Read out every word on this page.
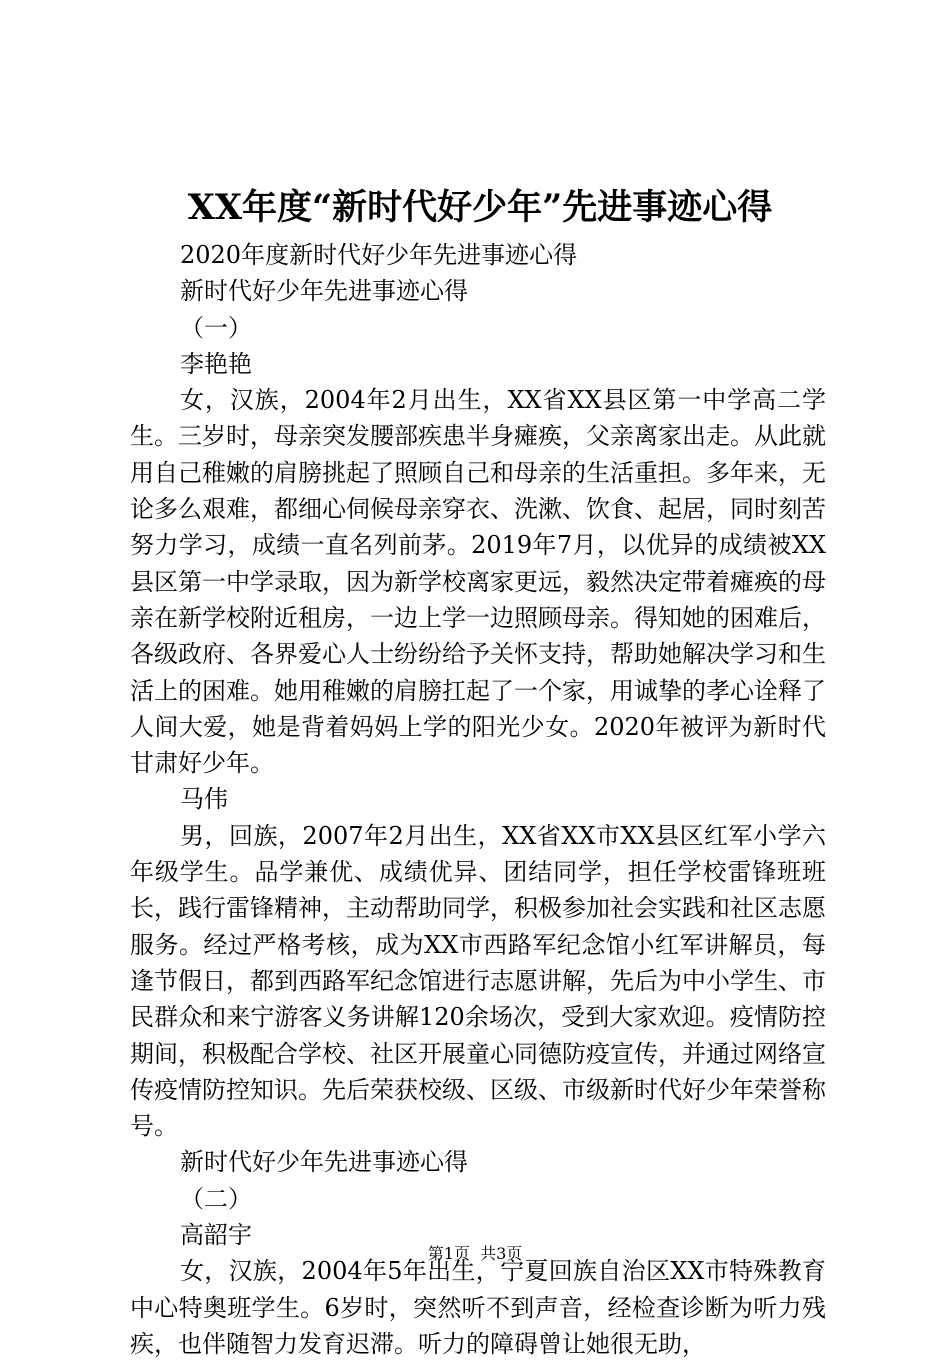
XX年度“新时代好少年”先进事迹心得
2020年度新时代好少年先进事迹心得
新时代好少年先进事迹心得
（一）
李艳艳
女，汉族，2004年2月出生，XX省XX县区第一中学高二学生。三岁时，母亲突发腰部疾患半身瘫痪，父亲离家出走。从此就用自己稚嫩的肩膀挑起了照顾自己和母亲的生活重担。多年来，无论多么艰难，都细心伺候母亲穿衣、洗漱、饮食、起居，同时刻苦努力学习，成绩一直名列前茅。2019年7月，以优异的成绩被XX县区第一中学录取，因为新学校离家更远，毅然决定带着瘫痪的母亲在新学校附近租房，一边上学一边照顾母亲。得知她的困难后，各级政府、各界爱心人士纷纷给予关怀支持，帮助她解决学习和生活上的困难。她用稚嫩的肩膀扛起了一个家，用诚挚的孝心诠释了人间大爱，她是背着妈妈上学的阳光少女。2020年被评为新时代甘肃好少年。
马伟
男，回族，2007年2月出生，XX省XX市XX县区红军小学六年级学生。品学兼优、成绩优异、团结同学，担任学校雷锋班班长，践行雷锋精神，主动帮助同学，积极参加社会实践和社区志愿服务。经过严格考核，成为XX市西路军纪念馆小红军讲解员，每逢节假日，都到西路军纪念馆进行志愿讲解，先后为中小学生、市民群众和来宁游客义务讲解120余场次，受到大家欢迎。疫情防控期间，积极配合学校、社区开展童心同德防疫宣传，并通过网络宣传疫情防控知识。先后荣获校级、区级、市级新时代好少年荣誉称号。
新时代好少年先进事迹心得
（二）
高韶宇
女，汉族，2004年5年出生，宁夏回族自治区XX市特殊教育中心特奥班学生。6岁时，突然听不到声音，经检查诊断为听力残疾，也伴随智力发育迟滞。听力的障碍曾让她很无助，
第1页 共3页
